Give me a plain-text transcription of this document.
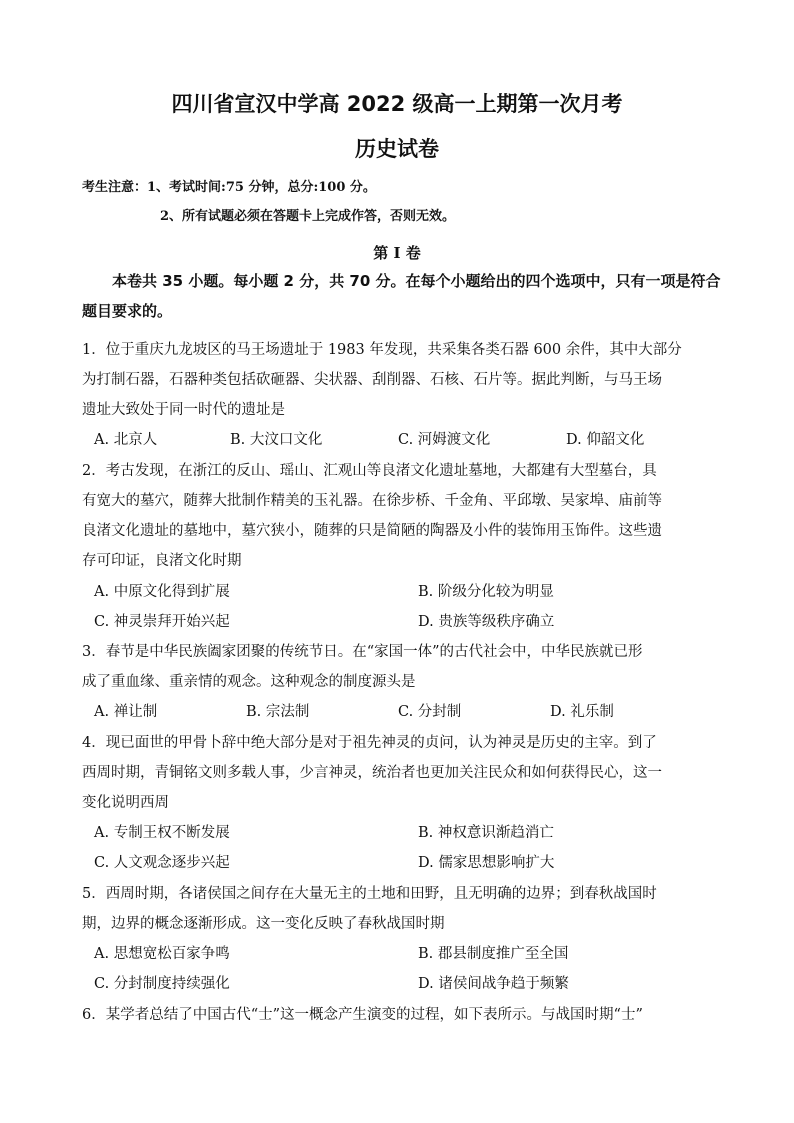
四川省宣汉中学高 2022 级高一上期第一次月考
历史试卷
考生注意：1、考试时间:75 分钟，总分:100 分。
2、所有试题必须在答题卡上完成作答，否则无效。
第 I 卷
本卷共 35 小题。每小题 2 分，共 70 分。在每个小题给出的四个选项中，只有一项是符合题目要求的。
1．位于重庆九龙坡区的马王场遗址于 1983 年发现，共采集各类石器 600 余件，其中大部分
为打制石器，石器种类包括砍砸器、尖状器、刮削器、石核、石片等。据此判断，与马王场
遗址大致处于同一时代的遗址是
A. 北京人	B. 大汶口文化	C. 河姆渡文化	D. 仰韶文化
2．考古发现，在浙江的反山、瑶山、汇观山等良渚文化遗址墓地，大都建有大型墓台，具
有宽大的墓穴，随葬大批制作精美的玉礼器。在徐步桥、千金角、平邱墩、吴家埠、庙前等
良渚文化遗址的墓地中，墓穴狭小，随葬的只是简陋的陶器及小件的装饰用玉饰件。这些遗
存可印证，良渚文化时期
A. 中原文化得到扩展	B. 阶级分化较为明显
C. 神灵崇拜开始兴起	D. 贵族等级秩序确立
3．春节是中华民族阖家团聚的传统节日。在“家国一体”的古代社会中，中华民族就已形
成了重血缘、重亲情的观念。这种观念的制度源头是
A. 禅让制	B. 宗法制	C. 分封制	D. 礼乐制
4．现已面世的甲骨卜辞中绝大部分是对于祖先神灵的贞问，认为神灵是历史的主宰。到了
西周时期，青铜铭文则多载人事，少言神灵，统治者也更加关注民众和如何获得民心，这一
变化说明西周
A. 专制王权不断发展	B. 神权意识渐趋消亡
C. 人文观念逐步兴起	D. 儒家思想影响扩大
5．西周时期，各诸侯国之间存在大量无主的土地和田野，且无明确的边界；到春秋战国时
期，边界的概念逐渐形成。这一变化反映了春秋战国时期
A. 思想宽松百家争鸣	B. 郡县制度推广至全国
C. 分封制度持续强化	D. 诸侯间战争趋于频繁
6．某学者总结了中国古代“士”这一概念产生演变的过程，如下表所示。与战国时期“士”
